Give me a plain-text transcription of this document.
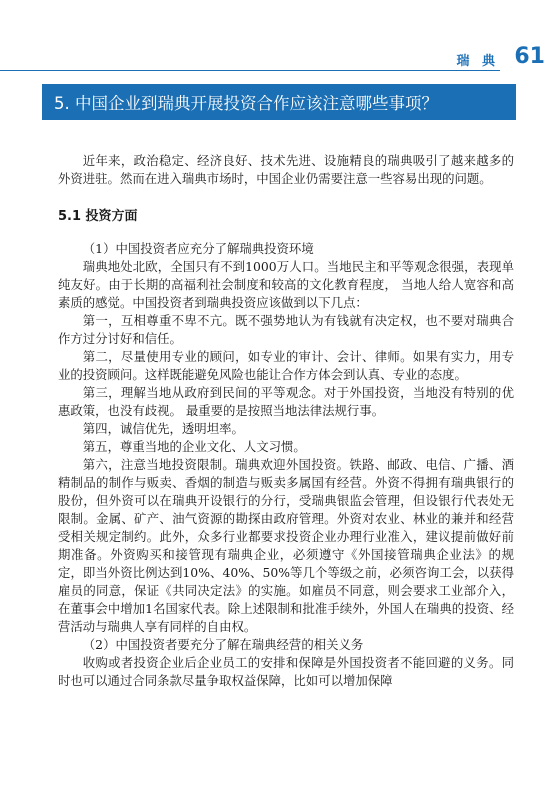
瑞 典 61
5. 中国企业到瑞典开展投资合作应该注意哪些事项？

近年来，政治稳定、经济良好、技术先进、设施精良的瑞典吸引了越来越多的外资进驻。然而在进入瑞典市场时，中国企业仍需要注意一些容易出现的问题。

5.1 投资方面

（1）中国投资者应充分了解瑞典投资环境

瑞典地处北欧，全国只有不到1000万人口。当地民主和平等观念很强，表现单纯友好。由于长期的高福利社会制度和较高的文化教育程度， 当地人给人宽容和高素质的感觉。中国投资者到瑞典投资应该做到以下几点：

第一，互相尊重不卑不亢。既不强势地认为有钱就有决定权，也不要对瑞典合作方过分讨好和信任。

第二，尽量使用专业的顾问，如专业的审计、会计、律师。如果有实力，用专业的投资顾问。这样既能避免风险也能让合作方体会到认真、专业的态度。

第三，理解当地从政府到民间的平等观念。对于外国投资，当地没有特别的优惠政策，也没有歧视。 最重要的是按照当地法律法规行事。

第四，诚信优先，透明坦率。

第五，尊重当地的企业文化、人文习惯。

第六，注意当地投资限制。瑞典欢迎外国投资。铁路、邮政、电信、广播、酒精制品的制作与贩卖、香烟的制造与贩卖多属国有经营。外资不得拥有瑞典银行的股份，但外资可以在瑞典开设银行的分行，受瑞典银监会管理，但设银行代表处无限制。金属、矿产、油气资源的勘探由政府管理。外资对农业、林业的兼并和经营受相关规定制约。此外，众多行业都要求投资企业办理行业准入，建议提前做好前期准备。外资购买和接管现有瑞典企业，必须遵守《外国接管瑞典企业法》的规定，即当外资比例达到10%、40%、50%等几个等级之前，必须咨询工会，以获得雇员的同意，保证《共同决定法》的实施。如雇员不同意，则会要求工业部介入，在董事会中增加1名国家代表。除上述限制和批准手续外，外国人在瑞典的投资、经营活动与瑞典人享有同样的自由权。

（2）中国投资者要充分了解在瑞典经营的相关义务

收购或者投资企业后企业员工的安排和保障是外国投资者不能回避的义务。同时也可以通过合同条款尽量争取权益保障，比如可以增加保障
